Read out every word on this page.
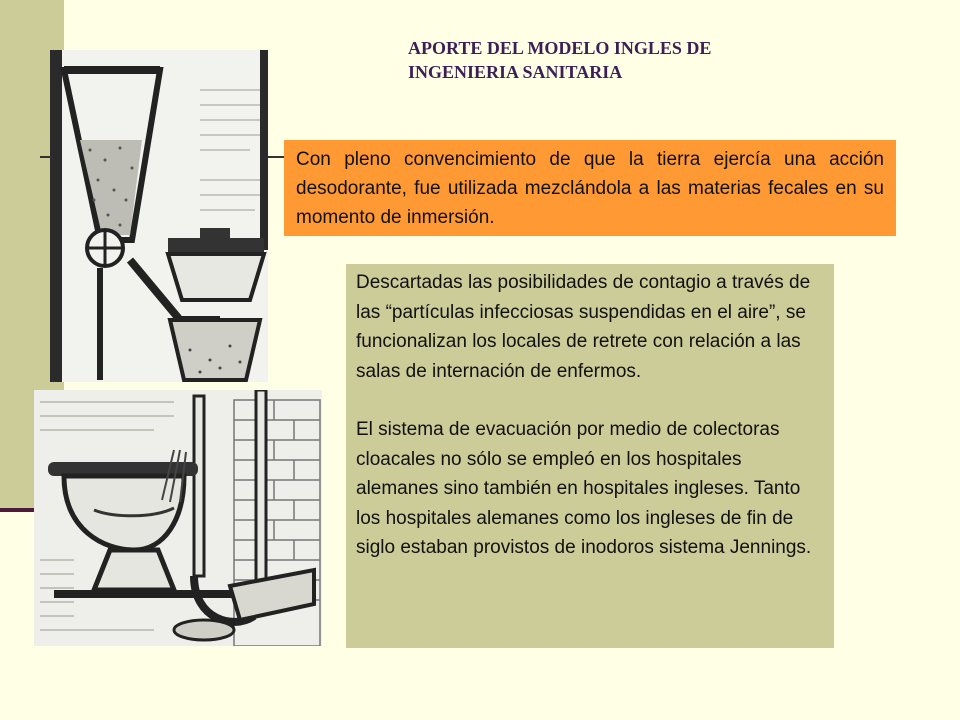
APORTE DEL MODELO INGLES DE
INGENIERIA SANITARIA

Con pleno convencimiento de que la tierra ejercía una acción desodorante, fue utilizada mezclándola a las materias fecales en su momento de inmersión.

Descartadas las posibilidades de contagio a través de las “partículas infecciosas suspendidas en el aire”, se funcionalizan los locales de retrete con relación a las salas de internación de enfermos.

El sistema de evacuación por medio de colectoras cloacales no sólo se empleó en los hospitales alemanes sino también en hospitales ingleses. Tanto los hospitales alemanes como los ingleses de fin de siglo estaban provistos de inodoros sistema Jennings.
